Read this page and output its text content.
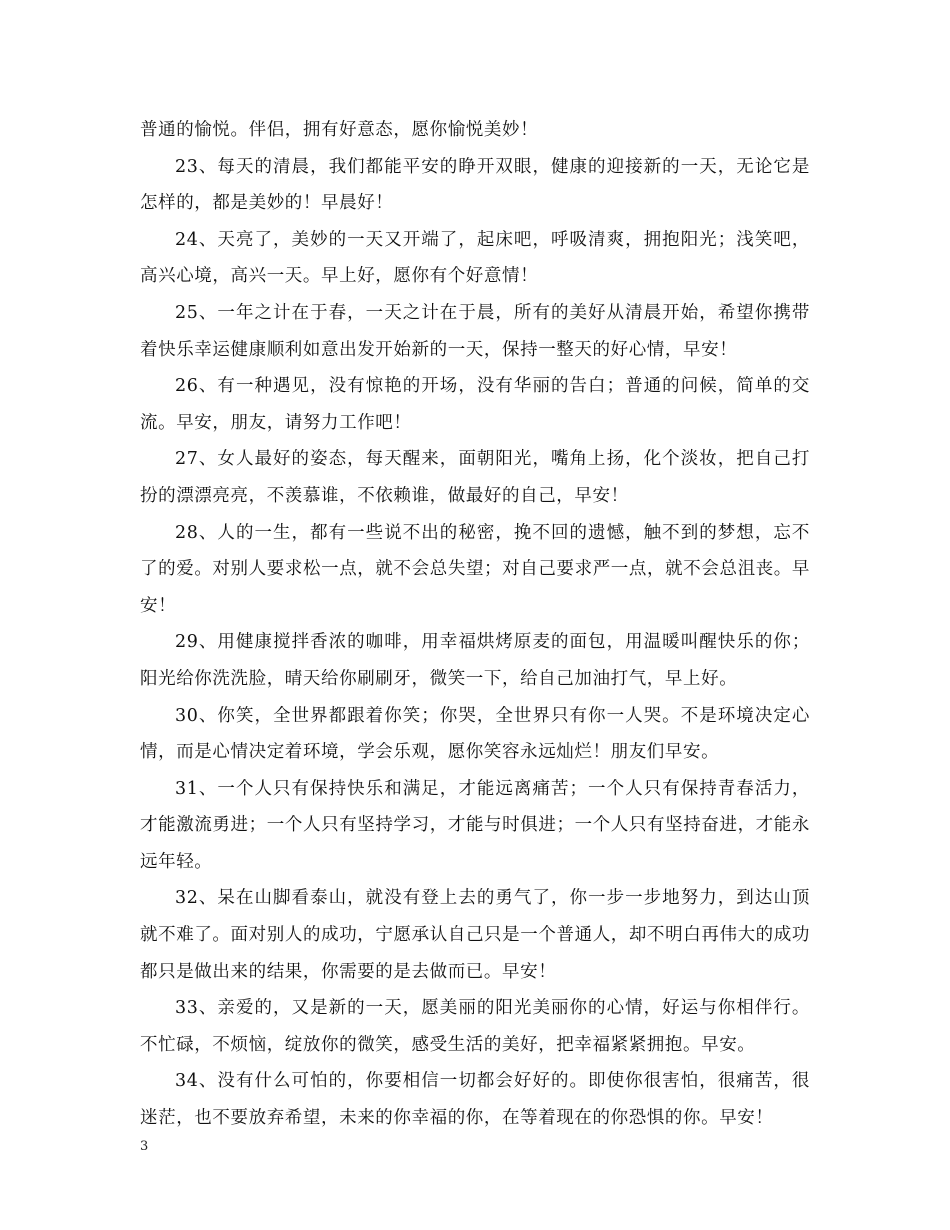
普通的愉悦。伴侣，拥有好意态，愿你愉悦美妙！

23、每天的清晨，我们都能平安的睁开双眼，健康的迎接新的一天，无论它是怎样的，都是美妙的！早晨好！

24、天亮了，美妙的一天又开端了，起床吧，呼吸清爽，拥抱阳光；浅笑吧，高兴心境，高兴一天。早上好，愿你有个好意情！

25、一年之计在于春，一天之计在于晨，所有的美好从清晨开始，希望你携带着快乐幸运健康顺利如意出发开始新的一天，保持一整天的好心情，早安！

26、有一种遇见，没有惊艳的开场，没有华丽的告白；普通的问候，简单的交流。早安，朋友，请努力工作吧！

27、女人最好的姿态，每天醒来，面朝阳光，嘴角上扬，化个淡妆，把自己打扮的漂漂亮亮，不羡慕谁，不依赖谁，做最好的自己，早安！

28、人的一生，都有一些说不出的秘密，挽不回的遗憾，触不到的梦想，忘不了的爱。对别人要求松一点，就不会总失望；对自己要求严一点，就不会总沮丧。早安！

29、用健康搅拌香浓的咖啡，用幸福烘烤原麦的面包，用温暖叫醒快乐的你；阳光给你洗洗脸，晴天给你刷刷牙，微笑一下，给自己加油打气，早上好。

30、你笑，全世界都跟着你笑；你哭，全世界只有你一人哭。不是环境决定心情，而是心情决定着环境，学会乐观，愿你笑容永远灿烂！朋友们早安。

31、一个人只有保持快乐和满足，才能远离痛苦；一个人只有保持青春活力，才能激流勇进；一个人只有坚持学习，才能与时俱进；一个人只有坚持奋进，才能永远年轻。

32、呆在山脚看泰山，就没有登上去的勇气了，你一步一步地努力，到达山顶就不难了。面对别人的成功，宁愿承认自己只是一个普通人，却不明白再伟大的成功都只是做出来的结果，你需要的是去做而已。早安！

33、亲爱的，又是新的一天，愿美丽的阳光美丽你的心情，好运与你相伴行。不忙碌，不烦恼，绽放你的微笑，感受生活的美好，把幸福紧紧拥抱。早安。

34、没有什么可怕的，你要相信一切都会好好的。即使你很害怕，很痛苦，很迷茫，也不要放弃希望，未来的你幸福的你，在等着现在的你恐惧的你。早安！

3
